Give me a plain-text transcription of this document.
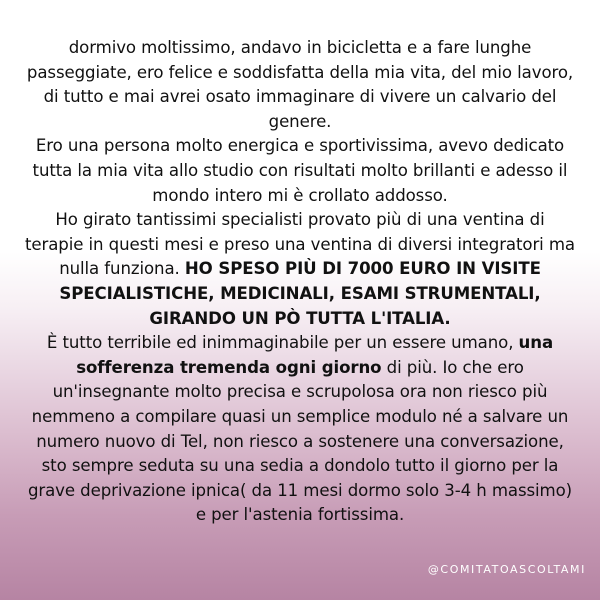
dormivo moltissimo, andavo in bicicletta e a fare lunghe passeggiate, ero felice e soddisfatta della mia vita, del mio lavoro, di tutto e mai avrei osato immaginare di vivere un calvario del genere.

Ero una persona molto energica e sportivissima, avevo dedicato tutta la mia vita allo studio con risultati molto brillanti e adesso il mondo intero mi è crollato addosso.

Ho girato tantissimi specialisti provato più di una ventina di terapie in questi mesi e preso una ventina di diversi integratori ma nulla funziona. HO SPESO PIÙ DI 7000 EURO IN VISITE SPECIALISTICHE, MEDICINALI, ESAMI STRUMENTALI, GIRANDO UN PÒ TUTTA L'ITALIA.

È tutto terribile ed inimmaginabile per un essere umano, una sofferenza tremenda ogni giorno di più. Io che ero un'insegnante molto precisa e scrupolosa ora non riesco più nemmeno a compilare quasi un semplice modulo né a salvare un numero nuovo di Tel, non riesco a sostenere una conversazione, sto sempre seduta su una sedia a dondolo tutto il giorno per la grave deprivazione ipnica( da 11 mesi dormo solo 3-4 h massimo) e per l'astenia fortissima.

@COMITATOASCOLTAMI
